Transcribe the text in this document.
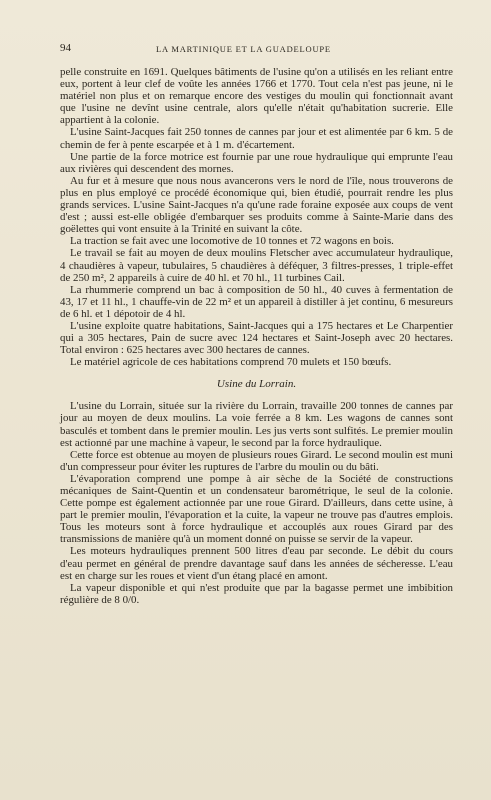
94	LA MARTINIQUE ET LA GUADELOUPE

pelle construite en 1691. Quelques bâtiments de l'usine qu'on a utilisés en les reliant entre eux, portent à leur clef de voûte les années 1766 et 1770. Tout cela n'est pas jeune, ni le matériel non plus et on remarque encore des vestiges du moulin qui fonctionnait avant que l'usine ne devînt usine centrale, alors qu'elle n'était qu'habitation sucrerie. Elle appartient à la colonie.

L'usine Saint-Jacques fait 250 tonnes de cannes par jour et est alimentée par 6 km. 5 de chemin de fer à pente escarpée et à 1 m. d'écartement.

Une partie de la force motrice est fournie par une roue hydraulique qui emprunte l'eau aux rivières qui descendent des mornes.

Au fur et à mesure que nous nous avancerons vers le nord de l'île, nous trouverons de plus en plus employé ce procédé économique qui, bien étudié, pourrait rendre les plus grands services. L'usine Saint-Jacques n'a qu'une rade foraine exposée aux coups de vent d'est ; aussi est-elle obligée d'embarquer ses produits comme à Sainte-Marie dans des goëlettes qui vont ensuite à la Trinité en suivant la côte.

La traction se fait avec une locomotive de 10 tonnes et 72 wagons en bois.

Le travail se fait au moyen de deux moulins Fletscher avec accumulateur hydraulique, 4 chaudières à vapeur, tubulaires, 5 chaudières à déféquer, 3 filtres-presses, 1 triple-effet de 250 m², 2 appareils à cuire de 40 hl. et 70 hl., 11 turbines Cail.

La rhummerie comprend un bac à composition de 50 hl., 40 cuves à fermentation de 43, 17 et 11 hl., 1 chauffe-vin de 22 m² et un appareil à distiller à jet continu, 6 mesureurs de 6 hl. et 1 dépotoir de 4 hl.

L'usine exploite quatre habitations, Saint-Jacques qui a 175 hectares et Le Charpentier qui a 305 hectares, Pain de sucre avec 124 hectares et Saint-Joseph avec 20 hectares. Total environ : 625 hectares avec 300 hectares de cannes.

Le matériel agricole de ces habitations comprend 70 mulets et 150 bœufs.

Usine du Lorrain.

L'usine du Lorrain, située sur la rivière du Lorrain, travaille 200 tonnes de cannes par jour au moyen de deux moulins. La voie ferrée a 8 km. Les wagons de cannes sont basculés et tombent dans le premier moulin. Les jus verts sont sulfités. Le premier moulin est actionné par une machine à vapeur, le second par la force hydraulique.

Cette force est obtenue au moyen de plusieurs roues Girard. Le second moulin est muni d'un compresseur pour éviter les ruptures de l'arbre du moulin ou du bâti.

L'évaporation comprend une pompe à air sèche de la Société de constructions mécaniques de Saint-Quentin et un condensateur barométrique, le seul de la colonie. Cette pompe est également actionnée par une roue Girard. D'ailleurs, dans cette usine, à part le premier moulin, l'évaporation et la cuite, la vapeur ne trouve pas d'autres emplois. Tous les moteurs sont à force hydraulique et accouplés aux roues Girard par des transmissions de manière qu'à un moment donné on puisse se servir de la vapeur.

Les moteurs hydrauliques prennent 500 litres d'eau par seconde. Le débit du cours d'eau permet en général de prendre davantage sauf dans les années de sécheresse. L'eau est en charge sur les roues et vient d'un étang placé en amont.

La vapeur disponible et qui n'est produite que par la bagasse permet une imbibition régulière de 8 0/0.
